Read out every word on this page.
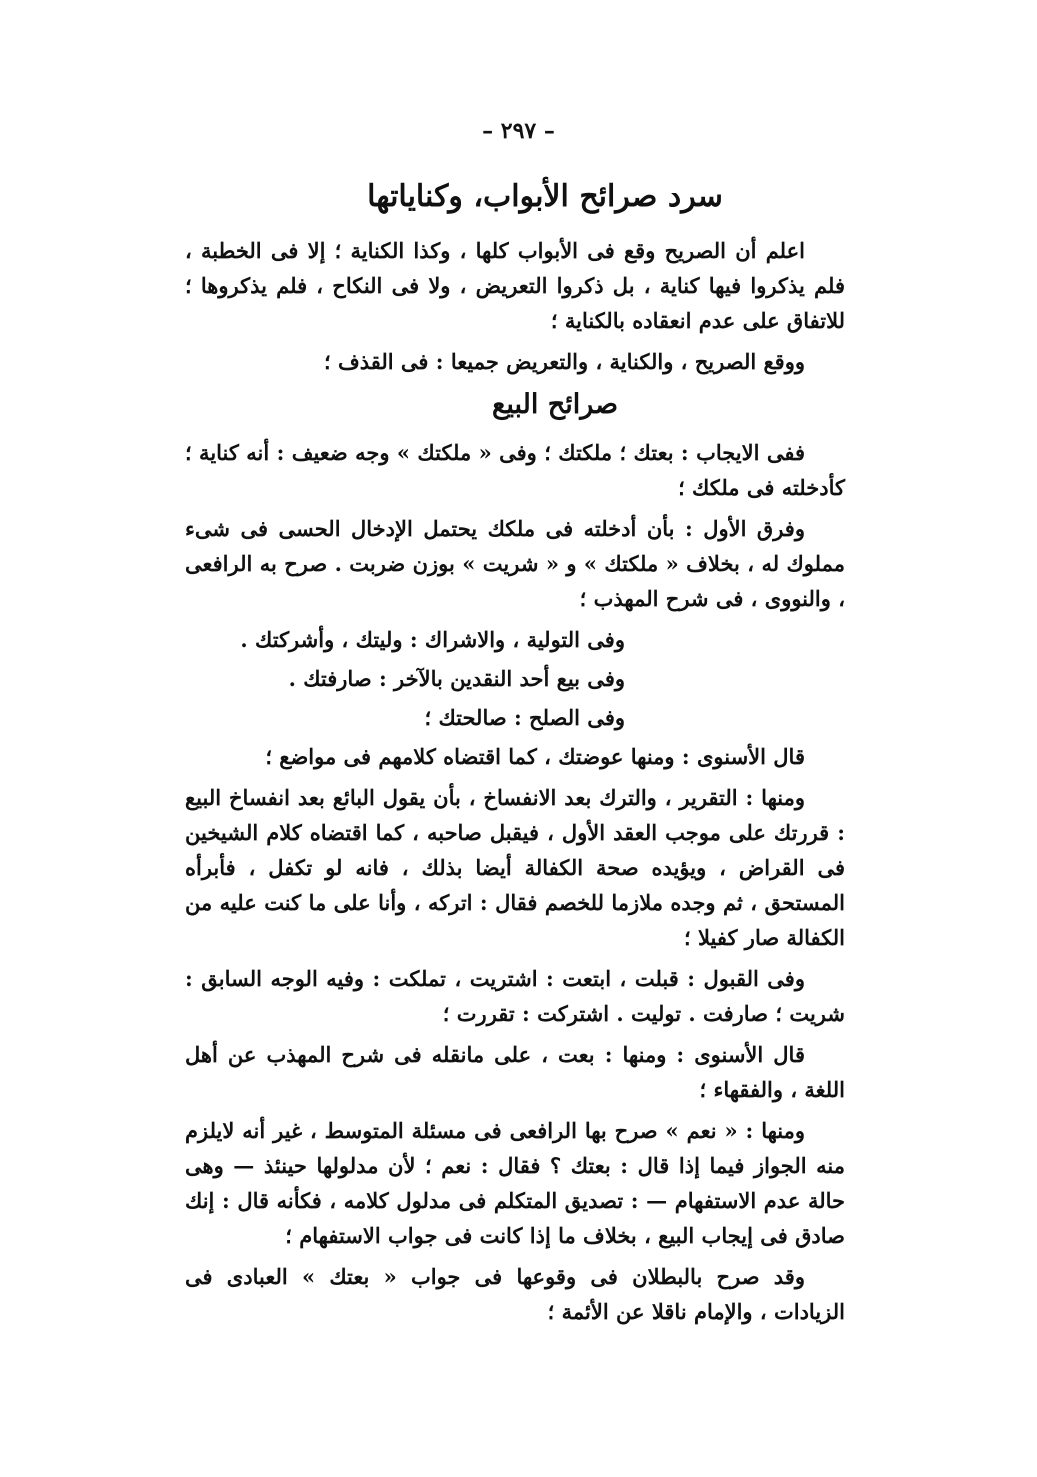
– ٢٩٧ –
سرد صرائح الأبواب، وكناياتها

اعلم أن الصريح وقع فى الأبواب كلها ، وكذا الكناية ؛ إلا فى الخطبة ، فلم يذكروا فيها كناية ، بل ذكروا التعريض ، ولا فى النكاح ، فلم يذكروها ؛ للاتفاق على عدم انعقاده بالكناية ؛

ووقع الصريح ، والكناية ، والتعريض جميعا : فى القذف ؛

صرائح البيع

ففى الايجاب : بعتك ؛ ملكتك ؛ وفى « ملكتك » وجه ضعيف : أنه كناية ؛ كأدخلته فى ملكك ؛

وفرق الأول : بأن أدخلته فى ملكك يحتمل الإدخال الحسى فى شىء مملوك له ، بخلاف « ملكتك » و « شريت » بوزن ضربت . صرح به الرافعى ، والنووى ، فى شرح المهذب ؛

وفى التولية ، والاشراك : وليتك ، وأشركتك .

وفى بيع أحد النقدين بالآخر : صارفتك .

وفى الصلح : صالحتك ؛

قال الأسنوى : ومنها عوضتك ، كما اقتضاه كلامهم فى مواضع ؛

ومنها : التقرير ، والترك بعد الانفساخ ، بأن يقول البائع بعد انفساخ البيع : قررتك على موجب العقد الأول ، فيقبل صاحبه ، كما اقتضاه كلام الشيخين فى القراض ، ويؤيده صحة الكفالة أيضا بذلك ، فانه لو تكفل ، فأبرأه المستحق ، ثم وجده ملازما للخصم فقال : اتركه ، وأنا على ما كنت عليه من الكفالة صار كفيلا ؛

وفى القبول : قبلت ، ابتعت : اشتريت ، تملكت : وفيه الوجه السابق : شريت ؛ صارفت . توليت . اشتركت : تقررت ؛

قال الأسنوى : ومنها : بعت ، على مانقله فى شرح المهذب عن أهل اللغة ، والفقهاء ؛

ومنها : « نعم » صرح بها الرافعى فى مسئلة المتوسط ، غير أنه لايلزم منه الجواز فيما إذا قال : بعتك ؟ فقال : نعم ؛ لأن مدلولها حينئذ — وهى حالة عدم الاستفهام — : تصديق المتكلم فى مدلول كلامه ، فكأنه قال : إنك صادق فى إيجاب البيع ، بخلاف ما إذا كانت فى جواب الاستفهام ؛

وقد صرح بالبطلان فى وقوعها فى جواب « بعتك » العبادى فى الزيادات ، والإمام ناقلا عن الأئمة ؛
